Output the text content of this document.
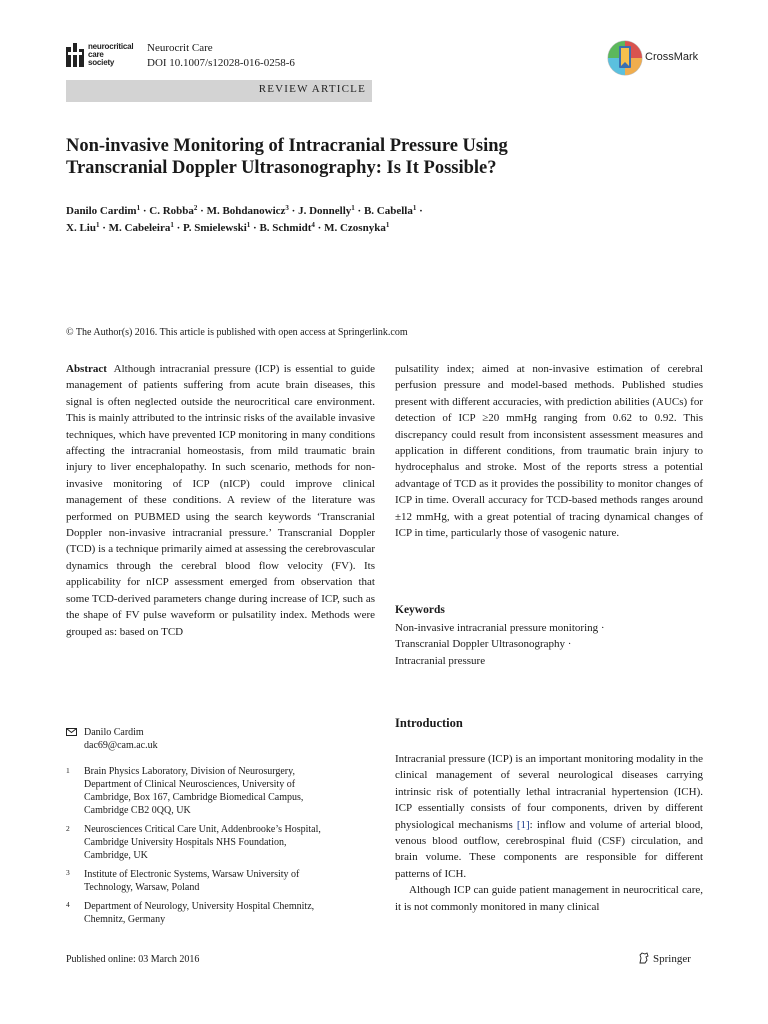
neurocritical
care
society
Neurocrit Care
DOI 10.1007/s12028-016-0258-6	CrossMark
REVIEW ARTICLE
Non-invasive Monitoring of Intracranial Pressure Using
Transcranial Doppler Ultrasonography: Is It Possible?
Danilo Cardim$^1$ · C. Robba$^2$ · M. Bohdanowicz$^3$ · J. Donnelly$^1$ · B. Cabella$^1$ ·
X. Liu$^1$ · M. Cabeleira$^1$ · P. Smielewski$^1$ · B. Schmidt$^4$ · M. Czosnyka$^1$
© The Author(s) 2016. This article is published with open access at Springerlink.com
Abstract Although intracranial pressure (ICP) is essential to guide management of patients suffering from acute brain diseases, this signal is often neglected outside the neurocritical care environment. This is mainly attributed to the intrinsic risks of the available invasive techniques, which have prevented ICP monitoring in many conditions affecting the intracranial homeostasis, from mild traumatic brain injury to liver encephalopathy. In such scenario, methods for non-invasive monitoring of ICP (nICP) could improve clinical management of these conditions. A review of the literature was performed on PUBMED using the search keywords ‘Transcranial Doppler non-invasive intracranial pressure.’ Transcranial Doppler (TCD) is a technique primarily aimed at assessing the cerebrovascular dynamics through the cerebral blood flow velocity (FV). Its applicability for nICP assessment emerged from observation that some TCD-derived parameters change during increase of ICP, such as the shape of FV pulse waveform or pulsatility index. Methods were grouped as: based on TCD
pulsatility index; aimed at non-invasive estimation of cerebral perfusion pressure and model-based methods. Published studies present with different accuracies, with prediction abilities (AUCs) for detection of ICP ≥20 mmHg ranging from 0.62 to 0.92. This discrepancy could result from inconsistent assessment measures and application in different conditions, from traumatic brain injury to hydrocephalus and stroke. Most of the reports stress a potential advantage of TCD as it provides the possibility to monitor changes of ICP in time. Overall accuracy for TCD-based methods ranges around ±12 mmHg, with a great potential of tracing dynamical changes of ICP in time, particularly those of vasogenic nature.
Keywords
Non-invasive intracranial pressure monitoring ·
Transcranial Doppler Ultrasonography ·
Intracranial pressure
Introduction

Intracranial pressure (ICP) is an important monitoring modality in the clinical management of several neurological diseases carrying intrinsic risk of potentially lethal intracranial hypertension (ICH). ICP essentially consists of four components, driven by different physiological mechanisms [1]: inflow and volume of arterial blood, venous blood outflow, cerebrospinal fluid (CSF) circulation, and brain volume. These components are responsible for different patterns of ICH.

Although ICP can guide patient management in neurocritical care, it is not commonly monitored in many clinical

Danilo Cardim
dac69@cam.ac.uk
1 Brain Physics Laboratory, Division of Neurosurgery,
Department of Clinical Neurosciences, University of
Cambridge, Box 167, Cambridge Biomedical Campus,
Cambridge CB2 0QQ, UK
2 Neurosciences Critical Care Unit, Addenbrooke’s Hospital,
Cambridge University Hospitals NHS Foundation,
Cambridge, UK
3 Institute of Electronic Systems, Warsaw University of
Technology, Warsaw, Poland
4 Department of Neurology, University Hospital Chemnitz,
Chemnitz, Germany
Published online: 03 March 2016	Springer
